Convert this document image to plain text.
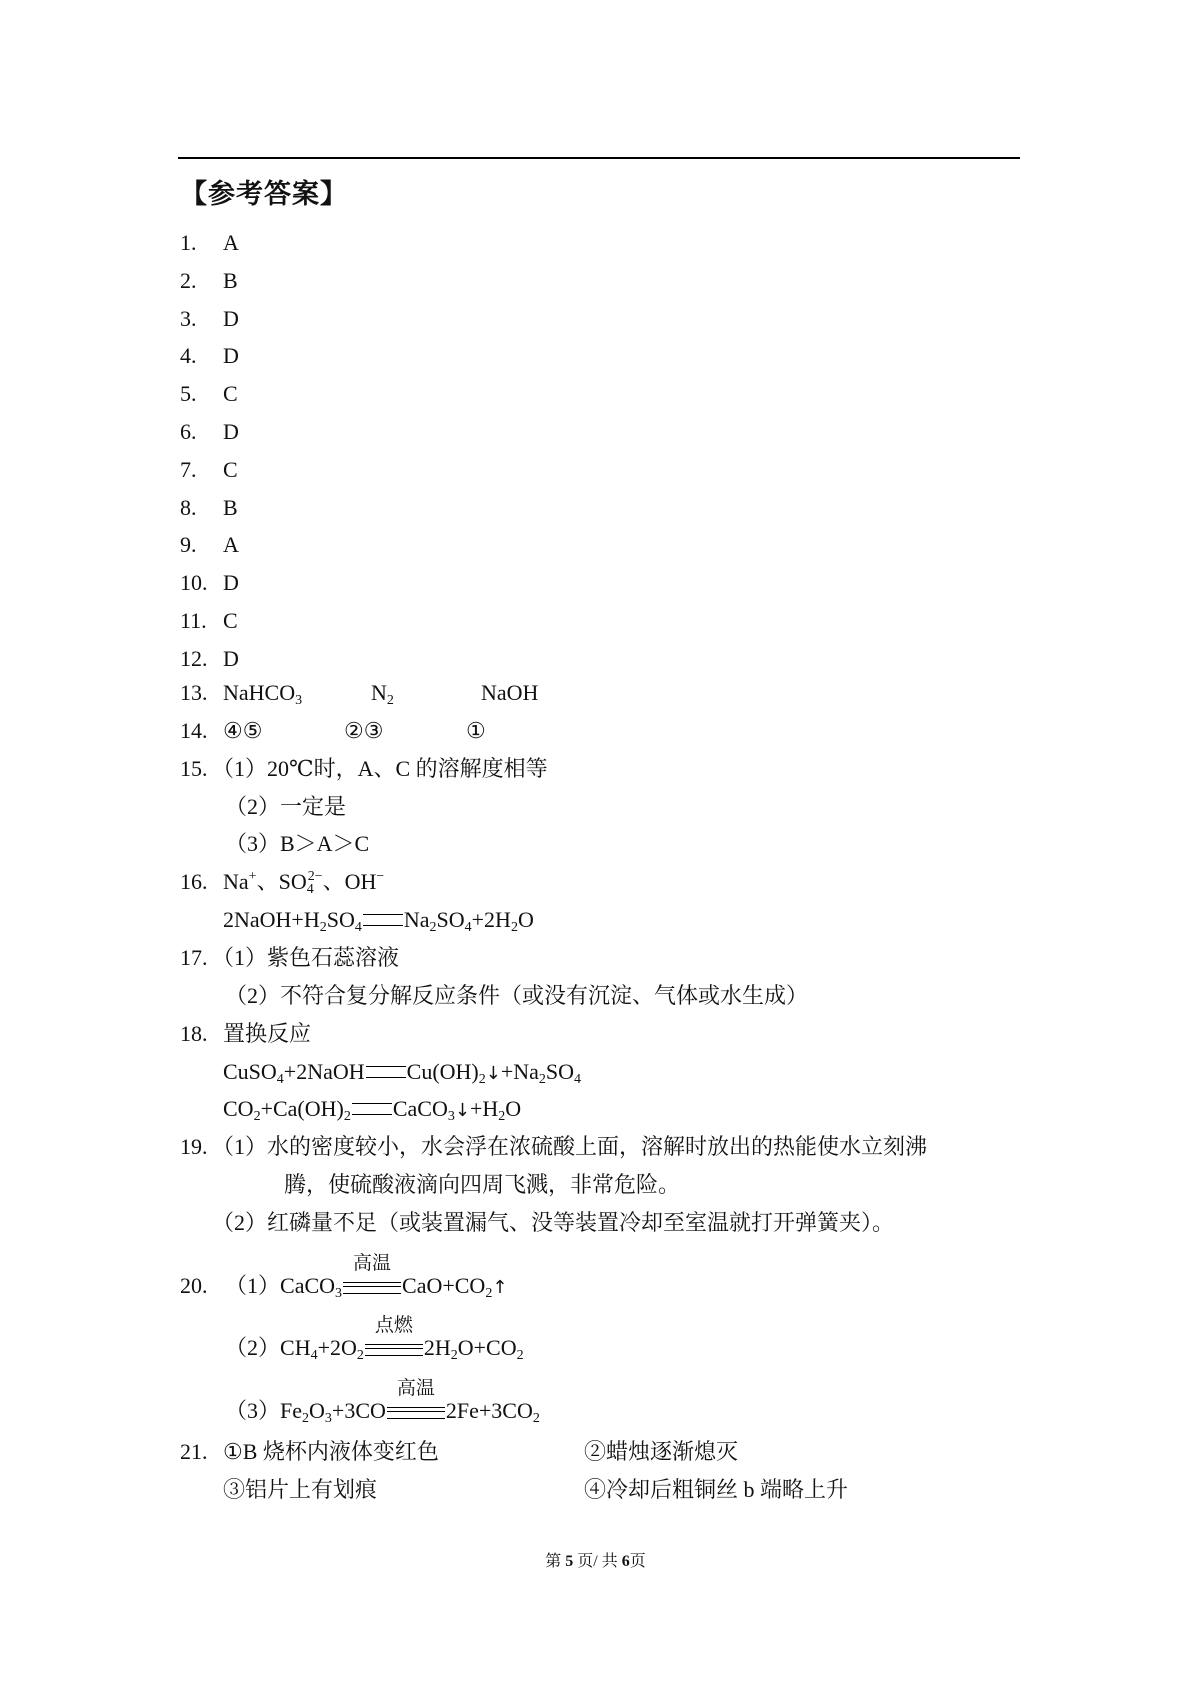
【参考答案】
1. A
2. B
3. D
4. D
5. C
6. D
7. C
8. B
9. A
10. D
11. C
12. D
13. NaHCO$_3$	$N_2$	NaOH
14. ④⑤	②③	①
15. （1）20℃时，A、C 的溶解度相等
（2）一定是
（3）B＞A＞C
16. Na+、$SO_4^{2-}$、OH−
$2NaOH+H_2SO_4$ $Na_2SO_4+2H_2O$
17. （1）紫色石蕊溶液
（2）不符合复分解反应条件（或没有沉淀、气体或水生成）
18. 置换反应
CuSO$_4$+2NaOH $Cu(OH)_2↓+Na_2SO_4$
$CO_2+Ca(OH)_2$ $CaCO_3↓+H_2O$
19. （1）水的密度较小，水会浮在浓硫酸上面，溶解时放出的热能使水立刻沸
腾，使硫酸液滴向四周飞溅，非常危险。
（2）红磷量不足（或装置漏气、没等装置冷却至室温就打开弹簧夹）。
20. （1）CaCO$_3$
高温
$CaO+CO_2↑$
$(2)CH_4+2O_2$
点燃
$2H_2O+CO_2$
$(3)Fe_2O_3+3CO$
高温
$2Fe+3CO_2$
21. ①B 烧杯内液体变红色	②蜡烛逐渐熄灭
③铝片上有划痕	④冷却后粗铜丝 b 端略上升
第 5 页/ 共 6页
